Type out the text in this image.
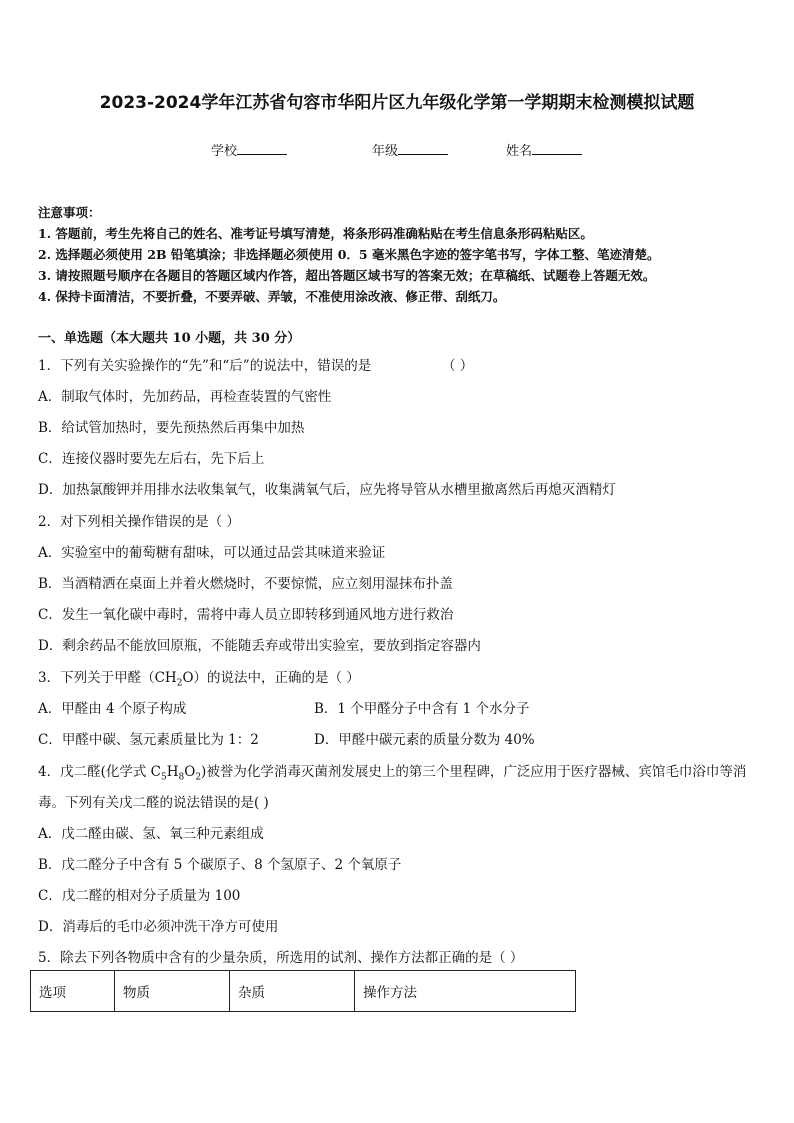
2023-2024学年江苏省句容市华阳片区九年级化学第一学期期末检测模拟试题
学校	年级	姓名
注意事项：
1. 答题前，考生先将自己的姓名、准考证号填写清楚，将条形码准确粘贴在考生信息条形码粘贴区。
2. 选择题必须使用 2B 铅笔填涂；非选择题必须使用 0．5 毫米黑色字迹的签字笔书写，字体工整、笔迹清楚。
3. 请按照题号顺序在各题目的答题区域内作答，超出答题区域书写的答案无效；在草稿纸、试题卷上答题无效。
4. 保持卡面清洁，不要折叠，不要弄破、弄皱，不准使用涂改液、修正带、刮纸刀。
一、单选题（本大题共 10 小题，共 30 分）
1．下列有关实验操作的“先”和“后”的说法中，错误的是	（ ）
A．制取气体时，先加药品，再检查装置的气密性
B．给试管加热时，要先预热然后再集中加热
C．连接仪器时要先左后右，先下后上
D．加热氯酸钾并用排水法收集氧气，收集满氧气后，应先将导管从水槽里撤离然后再熄灭酒精灯
2．对下列相关操作错误的是（ ）
A．实验室中的葡萄糖有甜味，可以通过品尝其味道来验证
B．当酒精洒在桌面上并着火燃烧时，不要惊慌，应立刻用湿抹布扑盖
C．发生一氧化碳中毒时，需将中毒人员立即转移到通风地方进行救治
D．剩余药品不能放回原瓶，不能随丢弃或带出实验室，要放到指定容器内
3．下列关于甲醛$(CH_2O)$的说法中，正确的是（ ）
A．甲醛由 4 个原子构成	B．1 个甲醛分子中含有 1 个水分子
C．甲醛中碳、氢元素质量比为 1：2	D．甲醛中碳元素的质量分数为 40%
4．戊二醛(化学式 $C_5H_8O_2$)被誉为化学消毒灭菌剂发展史上的第三个里程碑，广泛应用于医疗器械、宾馆毛巾浴巾等消
毒。下列有关戊二醛的说法错误的是( )
A．戊二醛由碳、氢、氧三种元素组成
B．戊二醛分子中含有 5 个碳原子、8 个氢原子、2 个氧原子
C．戊二醛的相对分子质量为 100
D．消毒后的毛巾必须冲洗干净方可使用
5．除去下列各物质中含有的少量杂质，所选用的试剂、操作方法都正确的是（ ）
选项	物质	杂质	操作方法
